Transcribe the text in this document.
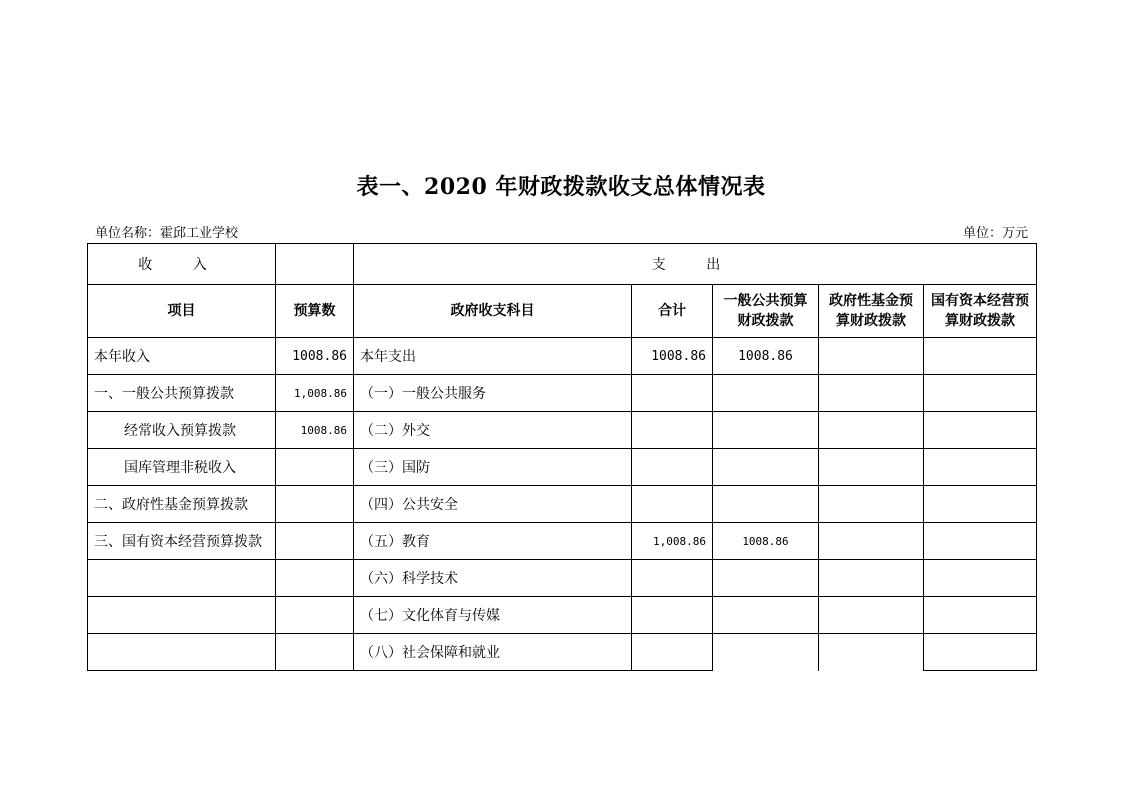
表一、2020 年财政拨款收支总体情况表
单位名称：霍邱工业学校	单位：万元
收 入		支 出				
项目	预算数	政府收支科目	合计	一般公共预算财政拨款	政府性基金预算财政拨款	国有资本经营预算财政拨款
本年收入	1008.86	本年支出	1008.86	1008.86		
一、一般公共预算拨款	1,008.86	（一）一般公共服务				
经常收入预算拨款	1008.86	（二）外交				
国库管理非税收入		（三）国防				
二、政府性基金预算拨款		（四）公共安全				
三、国有资本经营预算拨款		（五）教育	1,008.86	1008.86		
		（六）科学技术				
		（七）文化体育与传媒				
		（八）社会保障和就业				
